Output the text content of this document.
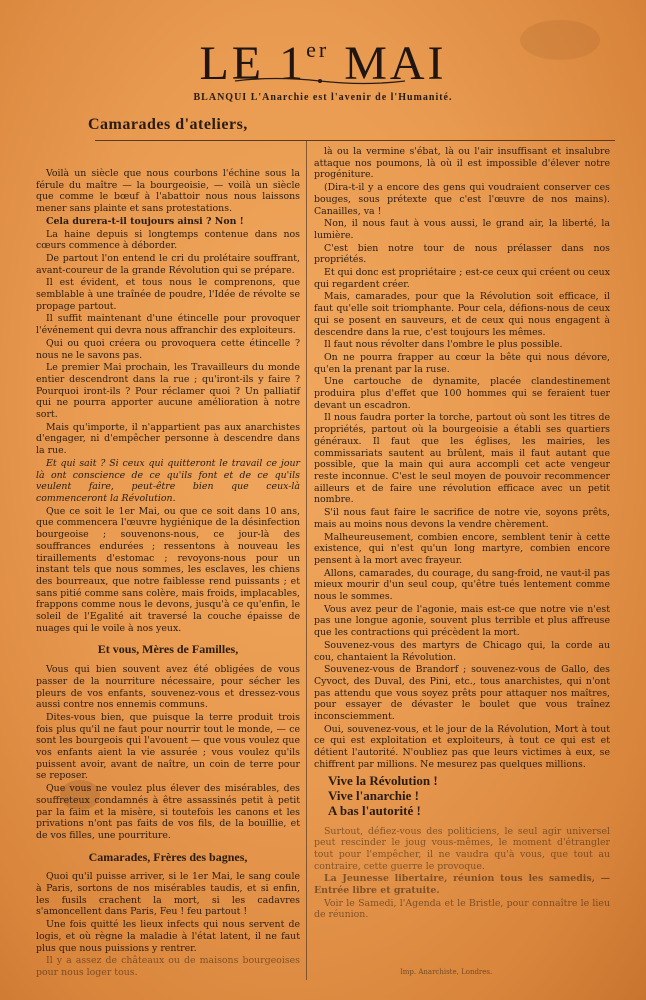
LE 1er MAI
BLANQUI L'Anarchie est l'avenir de l'Humanité.
Camarades d'ateliers,

Voilà un siècle que nous courbons l'échine sous la férule du maître — la bourgeoisie, — voilà un siècle que comme le bœuf à l'abattoir nous nous laissons mener sans plainte et sans protestations.

Cela durera-t-il toujours ainsi ? Non !

La haine depuis si longtemps contenue dans nos cœurs commence à déborder.

De partout l'on entend le cri du prolétaire souffrant, avant-coureur de la grande Révolution qui se prépare.

Il est évident, et tous nous le comprenons, que semblable à une traînée de poudre, l'Idée de révolte se propage partout.

Il suffit maintenant d'une étincelle pour provoquer l'événement qui devra nous affranchir des exploiteurs.

Qui ou quoi créera ou provoquera cette étincelle ? nous ne le savons pas.

Le premier Mai prochain, les Travailleurs du monde entier descendront dans la rue ; qu'iront-ils y faire ? Pourquoi iront-ils ? Pour réclamer quoi ? Un palliatif qui ne pourra apporter aucune amélioration à notre sort.

Mais qu'importe, il n'appartient pas aux anarchistes d'engager, ni d'empêcher personne à descendre dans la rue.

Et qui sait ? Si ceux qui quitteront le travail ce jour là ont conscience de ce qu'ils font et de ce qu'ils veulent faire, peut-être bien que ceux-là commenceront la Révolution.

Que ce soit le 1er Mai, ou que ce soit dans 10 ans, que commencera l'œuvre hygiénique de la désinfection bourgeoise ; souvenons-nous, ce jour-là des souffrances endurées ; ressentons à nouveau les tiraillements d'estomac ; revoyons-nous pour un instant tels que nous sommes, les esclaves, les chiens des bourreaux, que notre faiblesse rend puissants ; et sans pitié comme sans colère, mais froids, implacables, frappons comme nous le devons, jusqu'à ce qu'enfin, le soleil de l'Egalité ait traversé la couche épaisse de nuages qui le voile à nos yeux.

Et vous, Mères de Familles,

Vous qui bien souvent avez été obligées de vous passer de la nourriture nécessaire, pour sécher les pleurs de vos enfants, souvenez-vous et dressez-vous aussi contre nos ennemis communs.

Dites-vous bien, que puisque la terre produit trois fois plus qu'il ne faut pour nourrir tout le monde, — ce sont les bourgeois qui l'avouent — que vous voulez que vos enfants aient la vie assurée ; vous voulez qu'ils puissent avoir, avant de naître, un coin de terre pour se reposer.

Que vous ne voulez plus élever des misérables, des souffreteux condamnés à être assassinés petit à petit par la faim et la misère, si toutefois les canons et les privations n'ont pas faits de vos fils, de la bouillie, et de vos filles, une pourriture.

Camarades, Frères des bagnes,

Quoi qu'il puisse arriver, si le 1er Mai, le sang coule à Paris, sortons de nos misérables taudis, et si enfin, les fusils crachent la mort, si les cadavres s'amoncellent dans Paris, Feu ! feu partout !

Une fois quitté les lieux infects qui nous servent de logis, et où règne la maladie à l'état latent, il ne faut plus que nous puissions y rentrer.

Il y a assez de châteaux ou de maisons bourgeoises pour nous loger tous.

là ou la vermine s'ébat, là ou l'air insuffisant et insalubre attaque nos poumons, là où il est impossible d'élever notre progéniture.

(Dira-t-il y a encore des gens qui voudraient conserver ces bouges, sous prétexte que c'est l'œuvre de nos mains). Canailles, va !

Non, il nous faut à vous aussi, le grand air, la liberté, la lumière.

C'est bien notre tour de nous prélasser dans nos propriétés.

Et qui donc est propriétaire ; est-ce ceux qui créent ou ceux qui regardent créer.

Mais, camarades, pour que la Révolution soit efficace, il faut qu'elle soit triomphante. Pour cela, défions-nous de ceux qui se posent en sauveurs, et de ceux qui nous engagent à descendre dans la rue, c'est toujours les mêmes.

Il faut nous révolter dans l'ombre le plus possible.

On ne pourra frapper au cœur la bête qui nous dévore, qu'en la prenant par la ruse.

Une cartouche de dynamite, placée clandestinement produira plus d'effet que 100 hommes qui se feraient tuer devant un escadron.

Il nous faudra porter la torche, partout où sont les titres de propriétés, partout où la bourgeoisie a établi ses quartiers généraux. Il faut que les églises, les mairies, les commissariats sautent au brûlent, mais il faut autant que possible, que la main qui aura accompli cet acte vengeur reste inconnue. C'est le seul moyen de pouvoir recommencer ailleurs et de faire une révolution efficace avec un petit nombre.

S'il nous faut faire le sacrifice de notre vie, soyons prêts, mais au moins nous devons la vendre chèrement.

Malheureusement, combien encore, semblent tenir à cette existence, qui n'est qu'un long martyre, combien encore pensent à la mort avec frayeur.

Allons, camarades, du courage, du sang-froid, ne vaut-il pas mieux mourir d'un seul coup, qu'être tués lentement comme nous le sommes.

Vous avez peur de l'agonie, mais est-ce que notre vie n'est pas une longue agonie, souvent plus terrible et plus affreuse que les contractions qui précèdent la mort.

Souvenez-vous des martyrs de Chicago qui, la corde au cou, chantaient la Révolution.

Souvenez-vous de Brandorf ; souvenez-vous de Gallo, des Cyvoct, des Duval, des Pini, etc., tous anarchistes, qui n'ont pas attendu que vous soyez prêts pour attaquer nos maîtres, pour essayer de dévaster le boulet que vous traînez inconsciemment.

Oui, souvenez-vous, et le jour de la Révolution, Mort à tout ce qui est exploitation et exploiteurs, à tout ce qui est et détient l'autorité. N'oubliez pas que leurs victimes à eux, se chiffrent par millions. Ne mesurez pas quelques millions.

Vive la Révolution !
Vive l'anarchie !
A bas l'autorité !

Surtout, défiez-vous des politiciens, le seul agir universel peut rescinder le joug vous-mêmes, le moment d'étrangler tout pour l'empêcher, il ne vaudra qu'à vous, que tout au contraire, cette guerre le provoque.

La Jeunesse libertaire, réunion tous les samedis, — Entrée libre et gratuite.

Voir le Samedi, l'Agenda et le Bristle, pour connaître le lieu de réunion.

Imp. Anarchiste, Londres.
